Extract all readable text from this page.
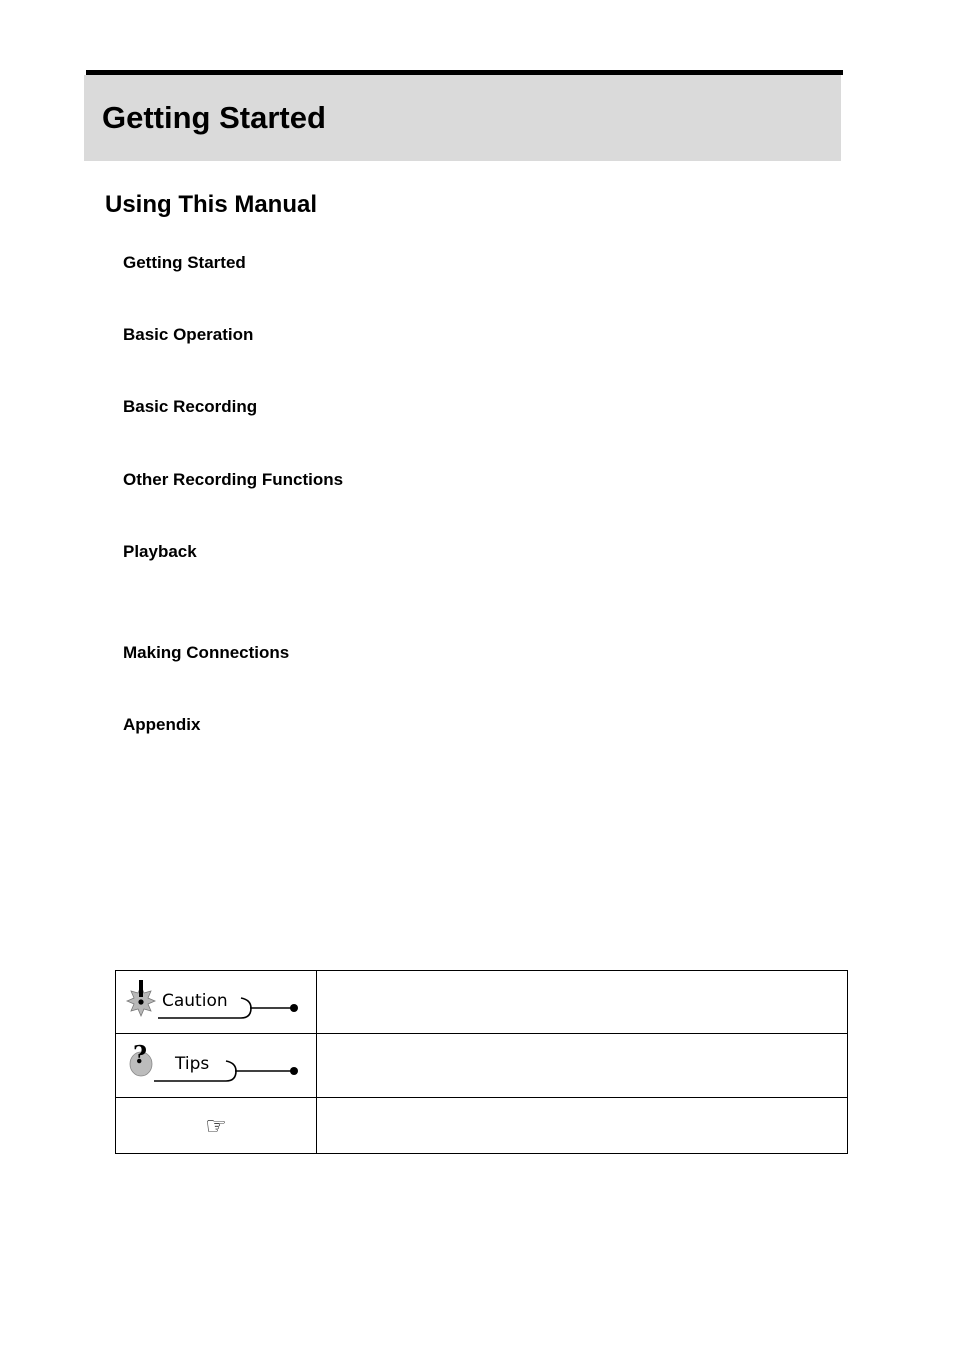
Getting Started
Using This Manual

Getting Started

Basic Operation

Basic Recording

Other Recording Functions

Playback

Making Connections

Appendix

Caution	

? Tips	

☞	
